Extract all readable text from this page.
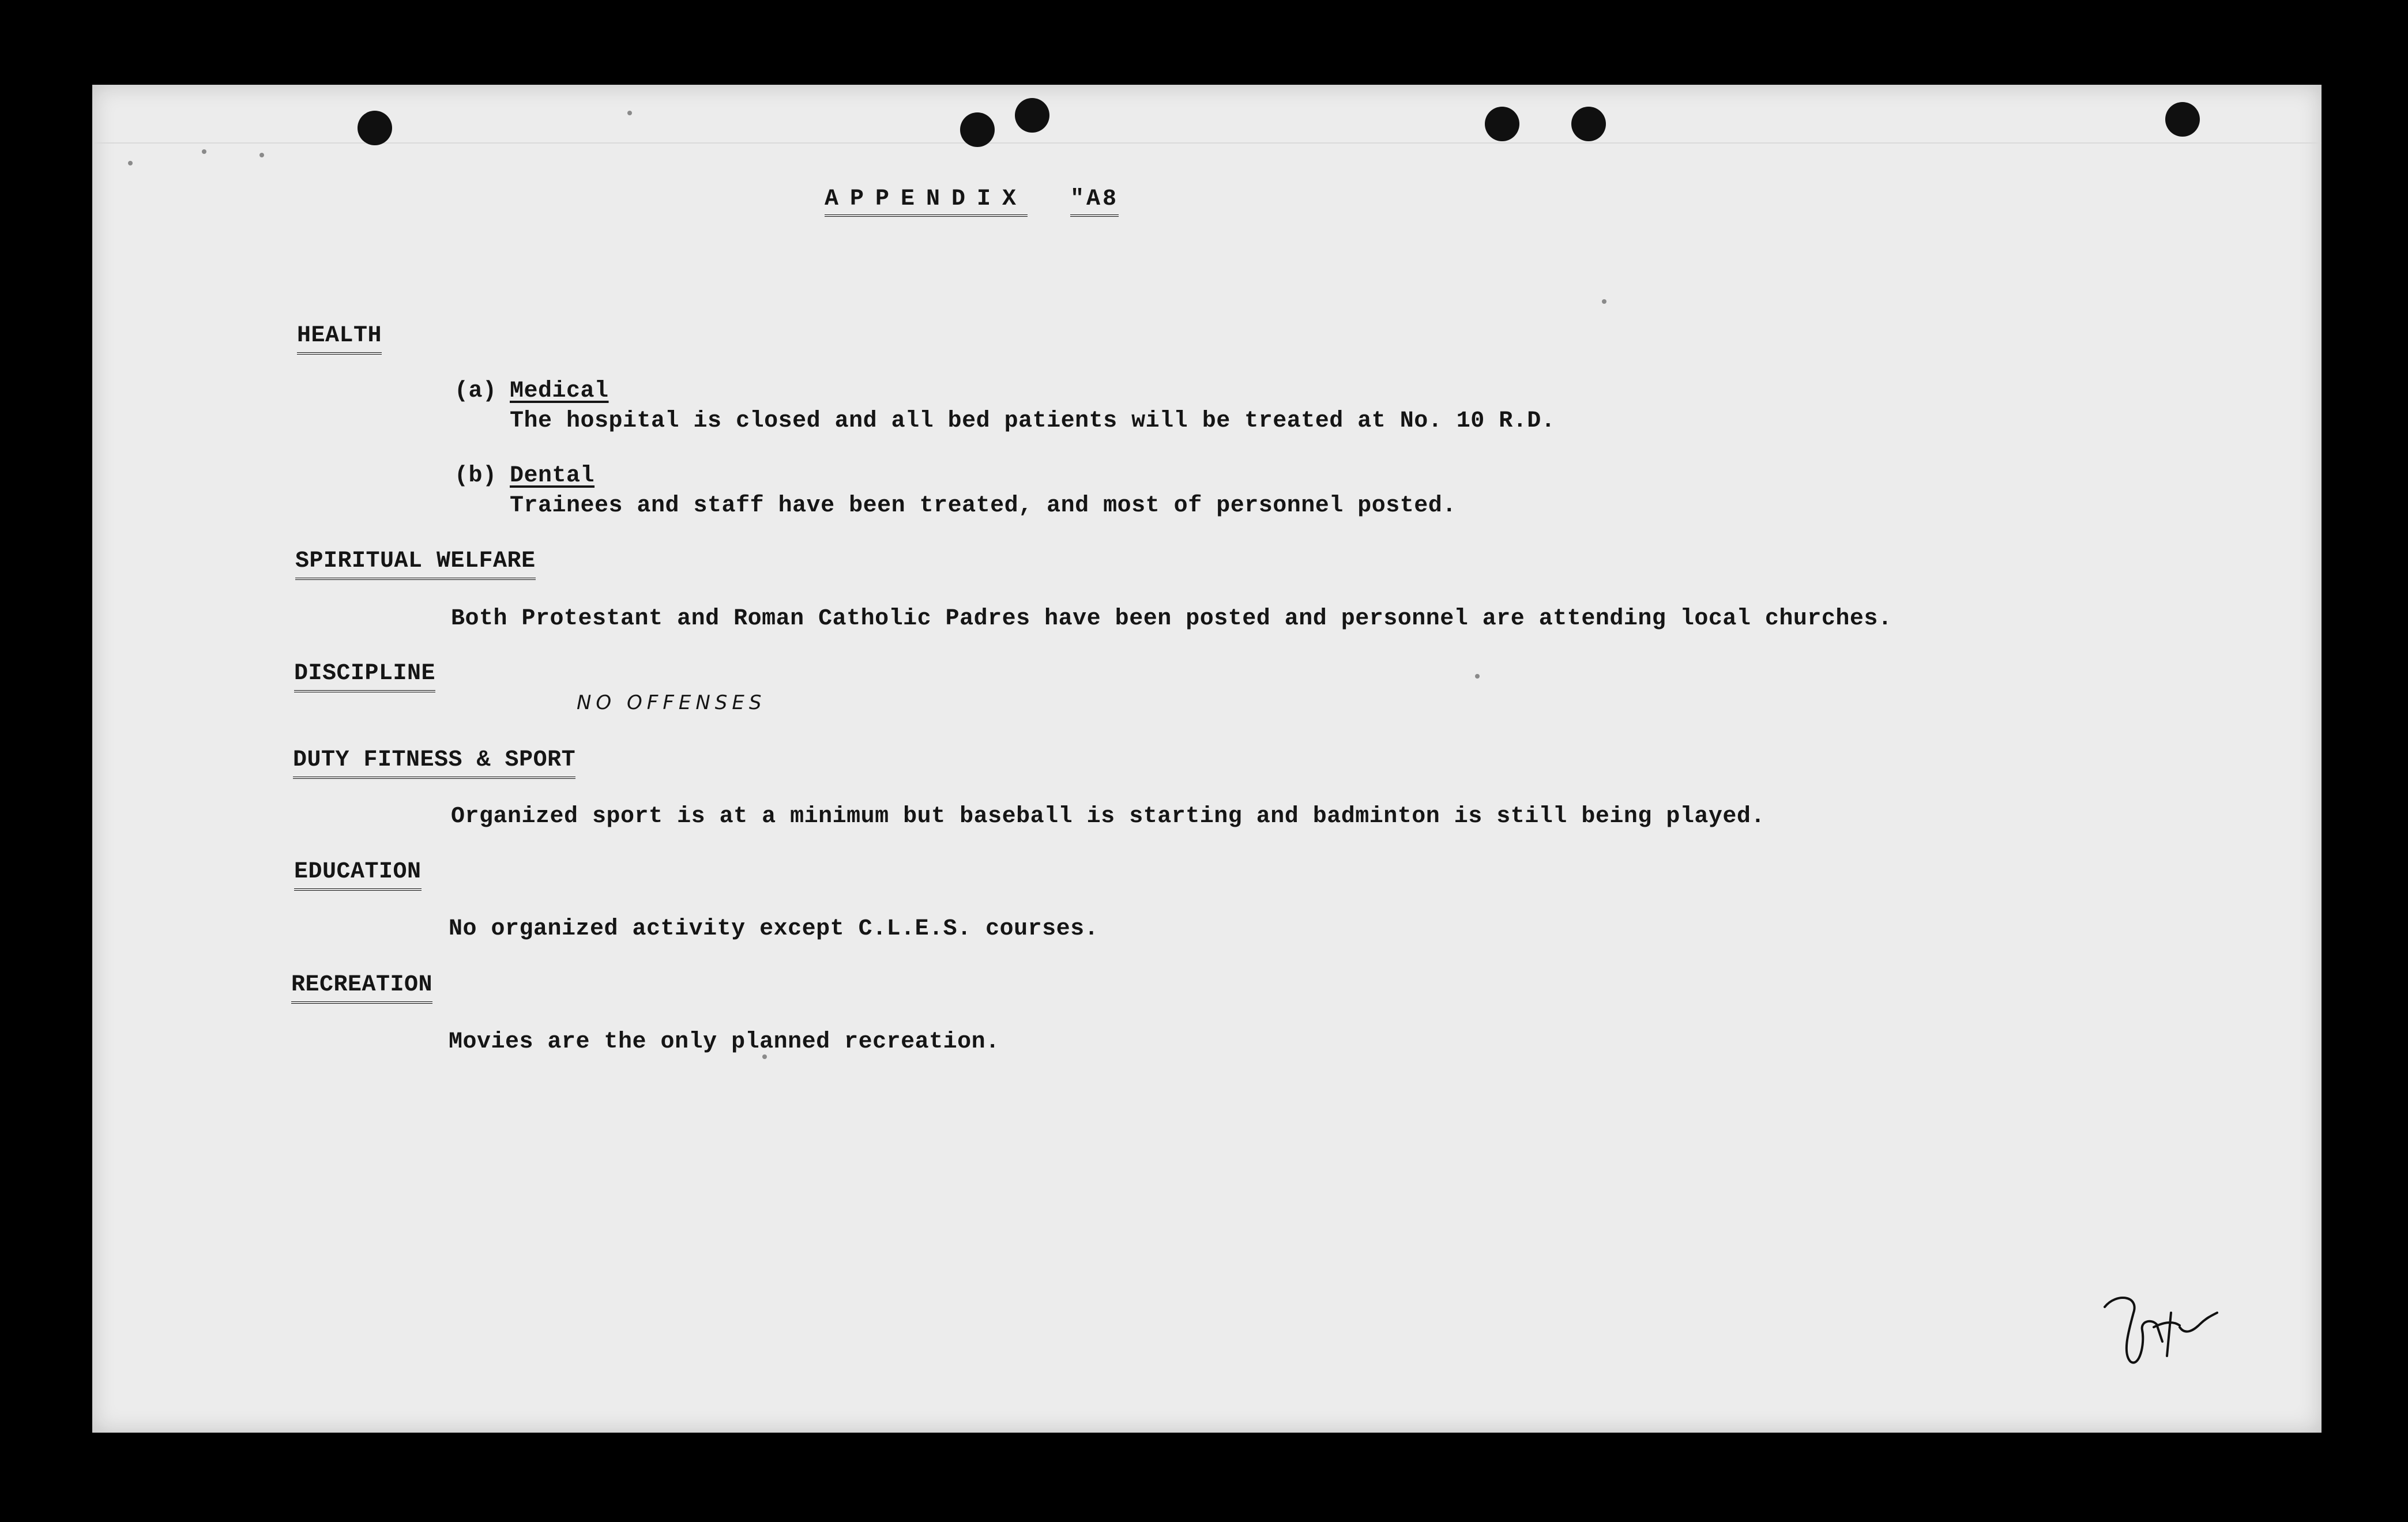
APPENDIX "A8
HEALTH
(a) Medical
The hospital is closed and all bed patients will be treated at No. 10 R.D.
(b) Dental
Trainees and staff have been treated, and most of personnel posted.
SPIRITUAL WELFARE
Both Protestant and Roman Catholic Padres have been posted and personnel are attending local churches.
DISCIPLINE
NO OFFENSES
DUTY FITNESS & SPORT
Organized sport is at a minimum but baseball is starting and badminton is still being played.
EDUCATION
No organized activity except C.L.E.S. courses.
RECREATION
Movies are the only planned recreation.
